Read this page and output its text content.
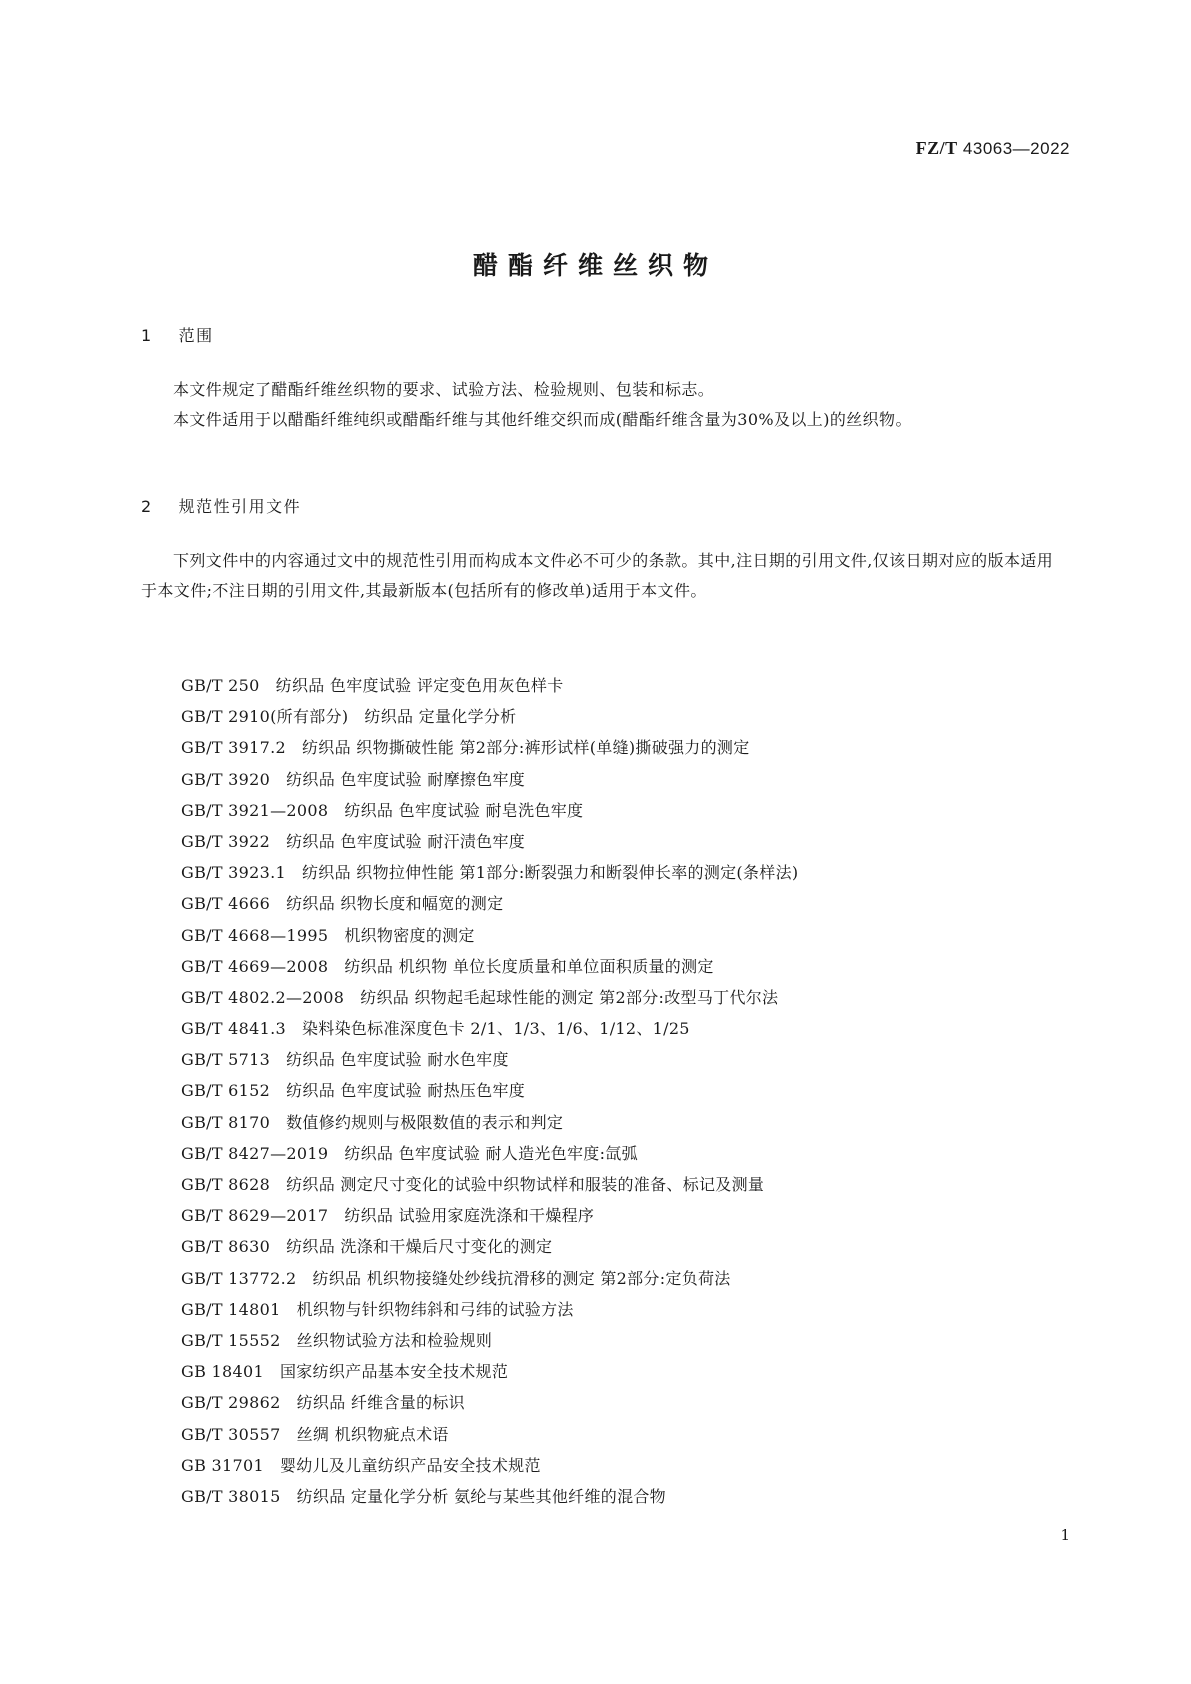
FZ/T 43063—2022
醋酯纤维丝织物
1 范围

本文件规定了醋酯纤维丝织物的要求、试验方法、检验规则、包装和标志。

本文件适用于以醋酯纤维纯织或醋酯纤维与其他纤维交织而成(醋酯纤维含量为30%及以上)的丝织物。

2 规范性引用文件

下列文件中的内容通过文中的规范性引用而构成本文件必不可少的条款。其中,注日期的引用文件,仅该日期对应的版本适用于本文件;不注日期的引用文件,其最新版本(包括所有的修改单)适用于本文件。

GB/T 250 纺织品 色牢度试验 评定变色用灰色样卡
GB/T 2910(所有部分) 纺织品 定量化学分析
GB/T 3917.2 纺织品 织物撕破性能 第2部分:裤形试样(单缝)撕破强力的测定
GB/T 3920 纺织品 色牢度试验 耐摩擦色牢度
GB/T 3921—2008 纺织品 色牢度试验 耐皂洗色牢度
GB/T 3922 纺织品 色牢度试验 耐汗渍色牢度
GB/T 3923.1 纺织品 织物拉伸性能 第1部分:断裂强力和断裂伸长率的测定(条样法)
GB/T 4666 纺织品 织物长度和幅宽的测定
GB/T 4668—1995 机织物密度的测定
GB/T 4669—2008 纺织品 机织物 单位长度质量和单位面积质量的测定
GB/T 4802.2—2008 纺织品 织物起毛起球性能的测定 第2部分:改型马丁代尔法
GB/T 4841.3 染料染色标准深度色卡 2/1、1/3、1/6、1/12、1/25
GB/T 5713 纺织品 色牢度试验 耐水色牢度
GB/T 6152 纺织品 色牢度试验 耐热压色牢度
GB/T 8170 数值修约规则与极限数值的表示和判定
GB/T 8427—2019 纺织品 色牢度试验 耐人造光色牢度:氙弧
GB/T 8628 纺织品 测定尺寸变化的试验中织物试样和服装的准备、标记及测量
GB/T 8629—2017 纺织品 试验用家庭洗涤和干燥程序
GB/T 8630 纺织品 洗涤和干燥后尺寸变化的测定
GB/T 13772.2 纺织品 机织物接缝处纱线抗滑移的测定 第2部分:定负荷法
GB/T 14801 机织物与针织物纬斜和弓纬的试验方法
GB/T 15552 丝织物试验方法和检验规则
GB 18401 国家纺织产品基本安全技术规范
GB/T 29862 纺织品 纤维含量的标识
GB/T 30557 丝绸 机织物疵点术语
GB 31701 婴幼儿及儿童纺织产品安全技术规范
GB/T 38015 纺织品 定量化学分析 氨纶与某些其他纤维的混合物
1
